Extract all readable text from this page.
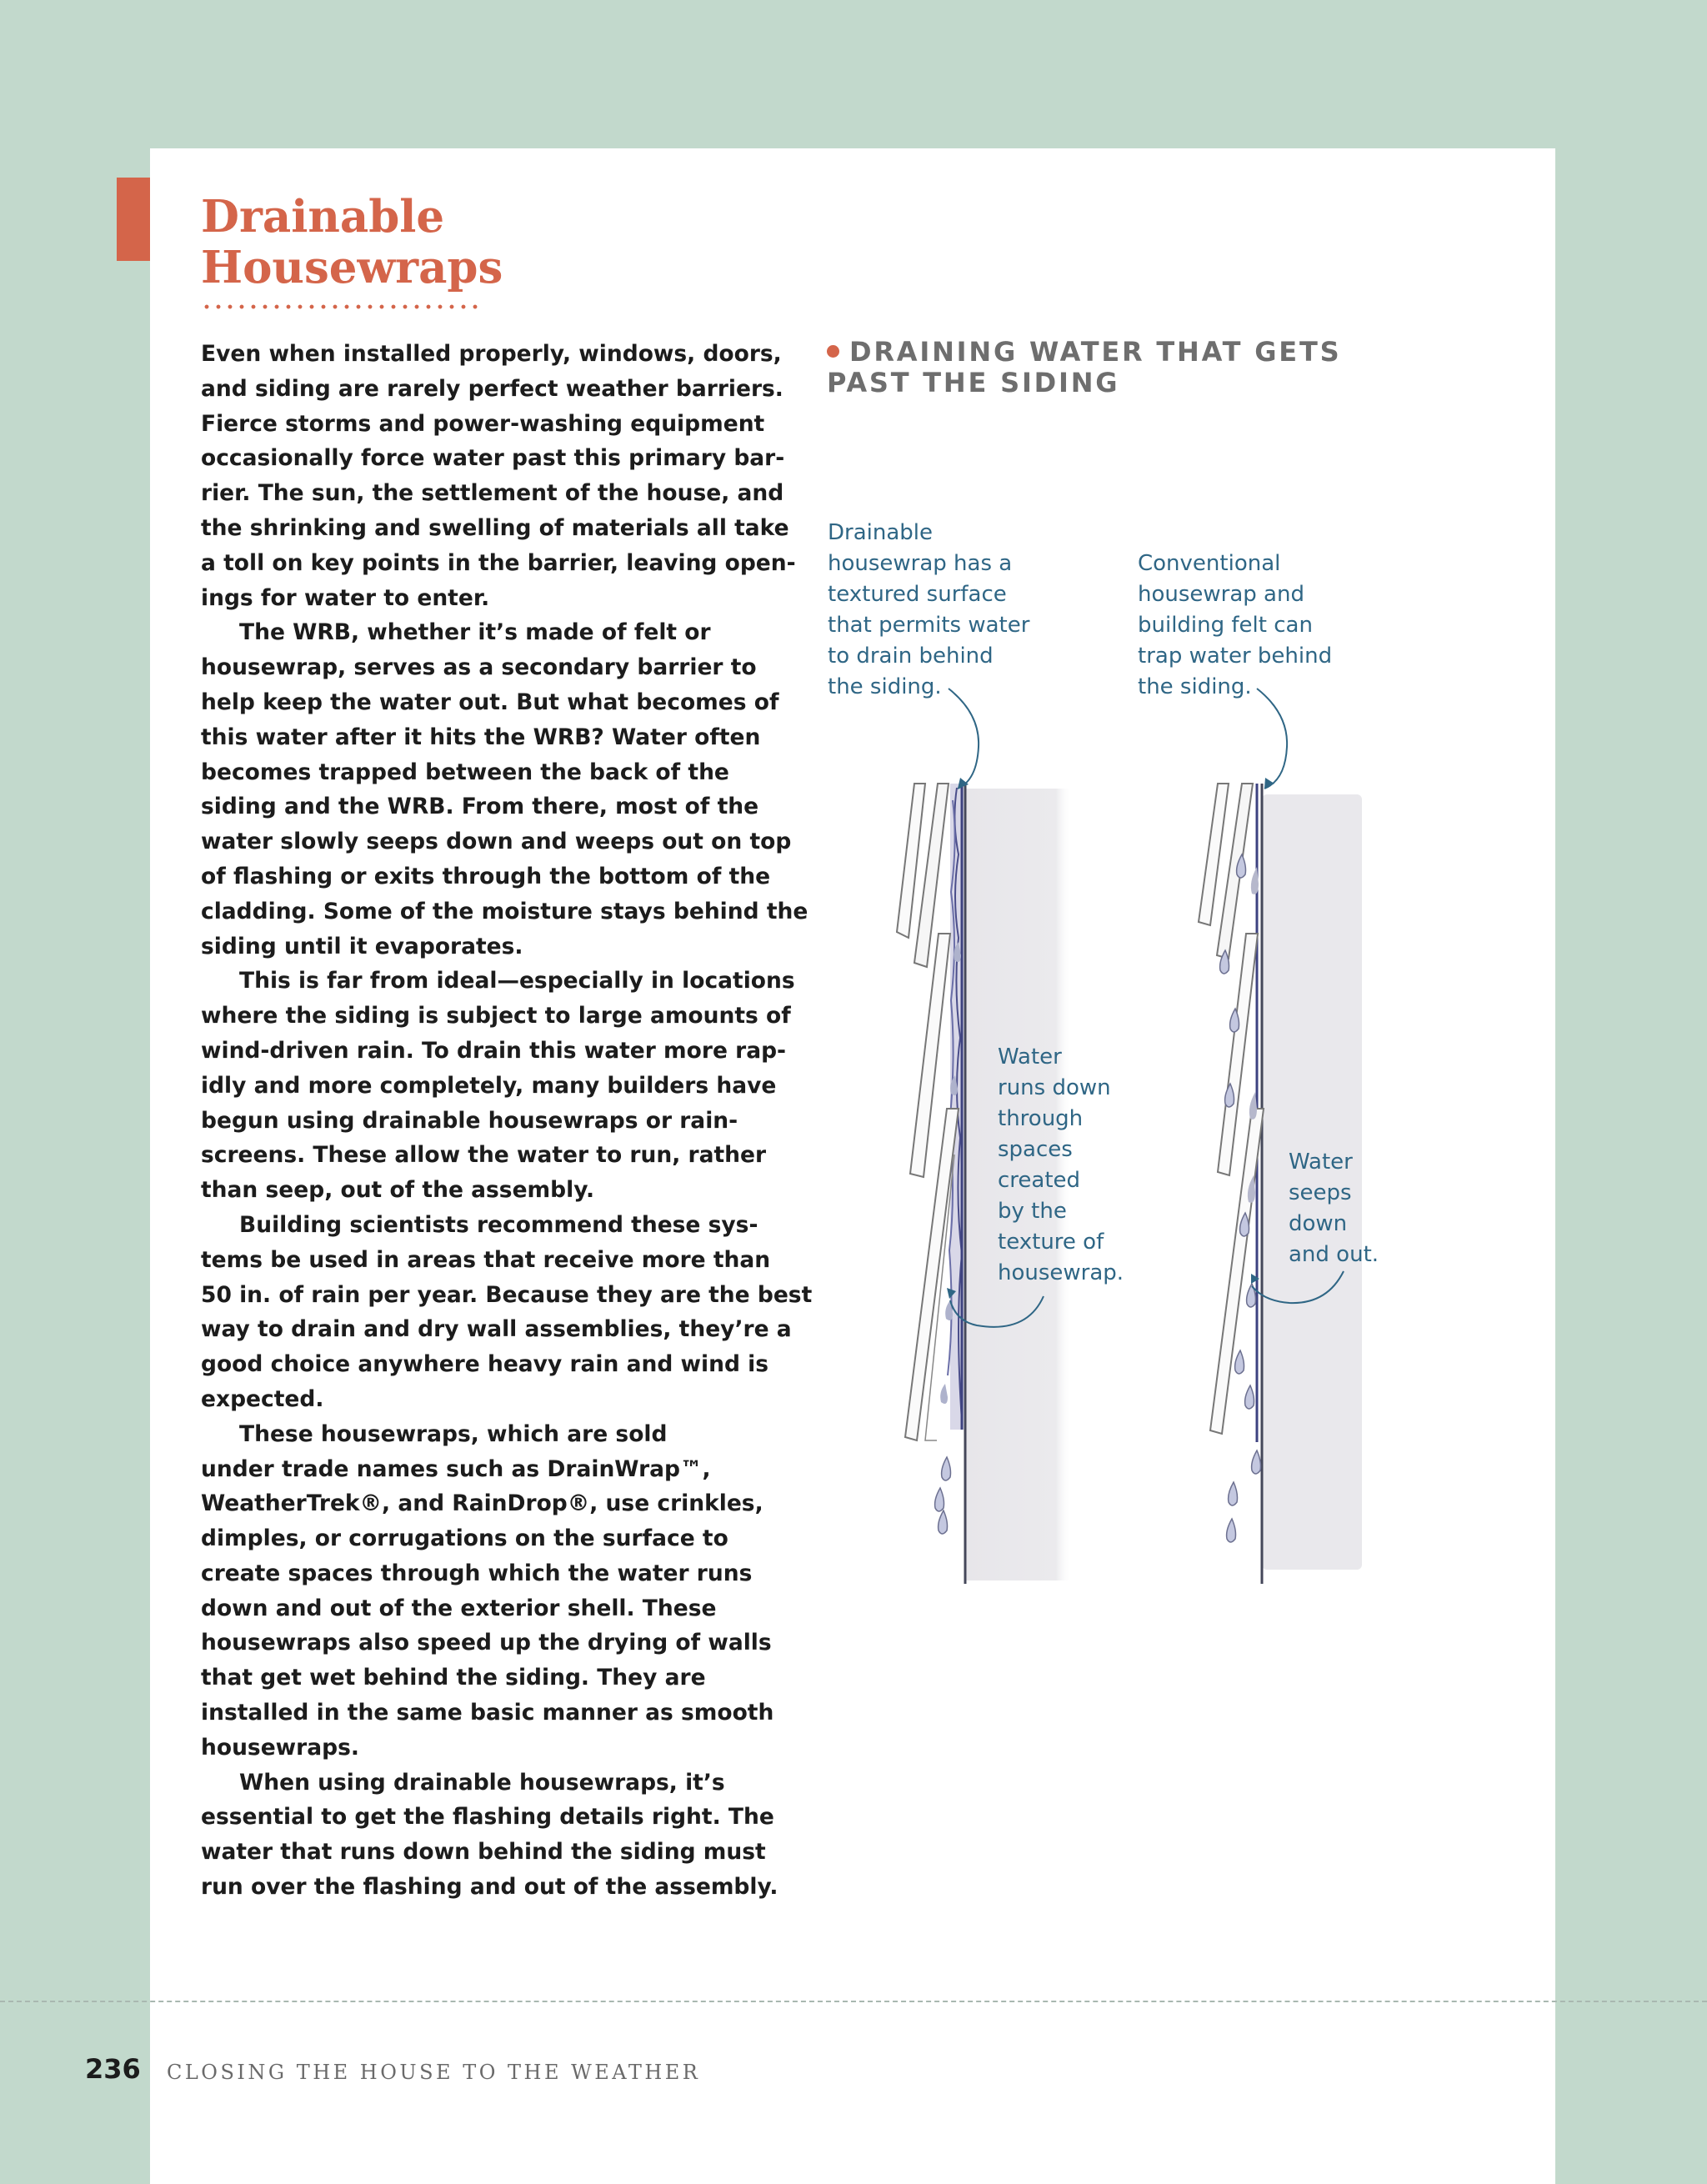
Drainable
Housewraps

Even when installed properly, windows, doors,
and siding are rarely perfect weather barriers.
Fierce storms and power-washing equipment
occasionally force water past this primary bar-
rier. The sun, the settlement of the house, and
the shrinking and swelling of materials all take
a toll on key points in the barrier, leaving open-
ings for water to enter.

The WRB, whether it’s made of felt or
housewrap, serves as a secondary barrier to
help keep the water out. But what becomes of
this water after it hits the WRB? Water often
becomes trapped between the back of the
siding and the WRB. From there, most of the
water slowly seeps down and weeps out on top
of flashing or exits through the bottom of the
cladding. Some of the moisture stays behind the
siding until it evaporates.

This is far from ideal—especially in locations
where the siding is subject to large amounts of
wind-driven rain. To drain this water more rap-
idly and more completely, many builders have
begun using drainable housewraps or rain-
screens. These allow the water to run, rather
than seep, out of the assembly.

Building scientists recommend these sys-
tems be used in areas that receive more than
50 in. of rain per year. Because they are the best
way to drain and dry wall assemblies, they’re a
good choice anywhere heavy rain and wind is
expected.

These housewraps, which are sold
under trade names such as DrainWrap™,
WeatherTrek®, and RainDrop®, use crinkles,
dimples, or corrugations on the surface to
create spaces through which the water runs
down and out of the exterior shell. These
housewraps also speed up the drying of walls
that get wet behind the siding. They are
installed in the same basic manner as smooth
housewraps.

When using drainable housewraps, it’s
essential to get the flashing details right. The
water that runs down behind the siding must
run over the flashing and out of the assembly.

DRAINING WATER THAT GETS
PAST THE SIDING

Drainable
housewrap has a
textured surface
that permits water
to drain behind
the siding.

Conventional
housewrap and
building felt can
trap water behind
the siding.

Water
runs down
through
spaces
created
by the
texture of
housewrap.

Water
seeps
down
and out.

236 CLOSING THE HOUSE TO THE WEATHER
